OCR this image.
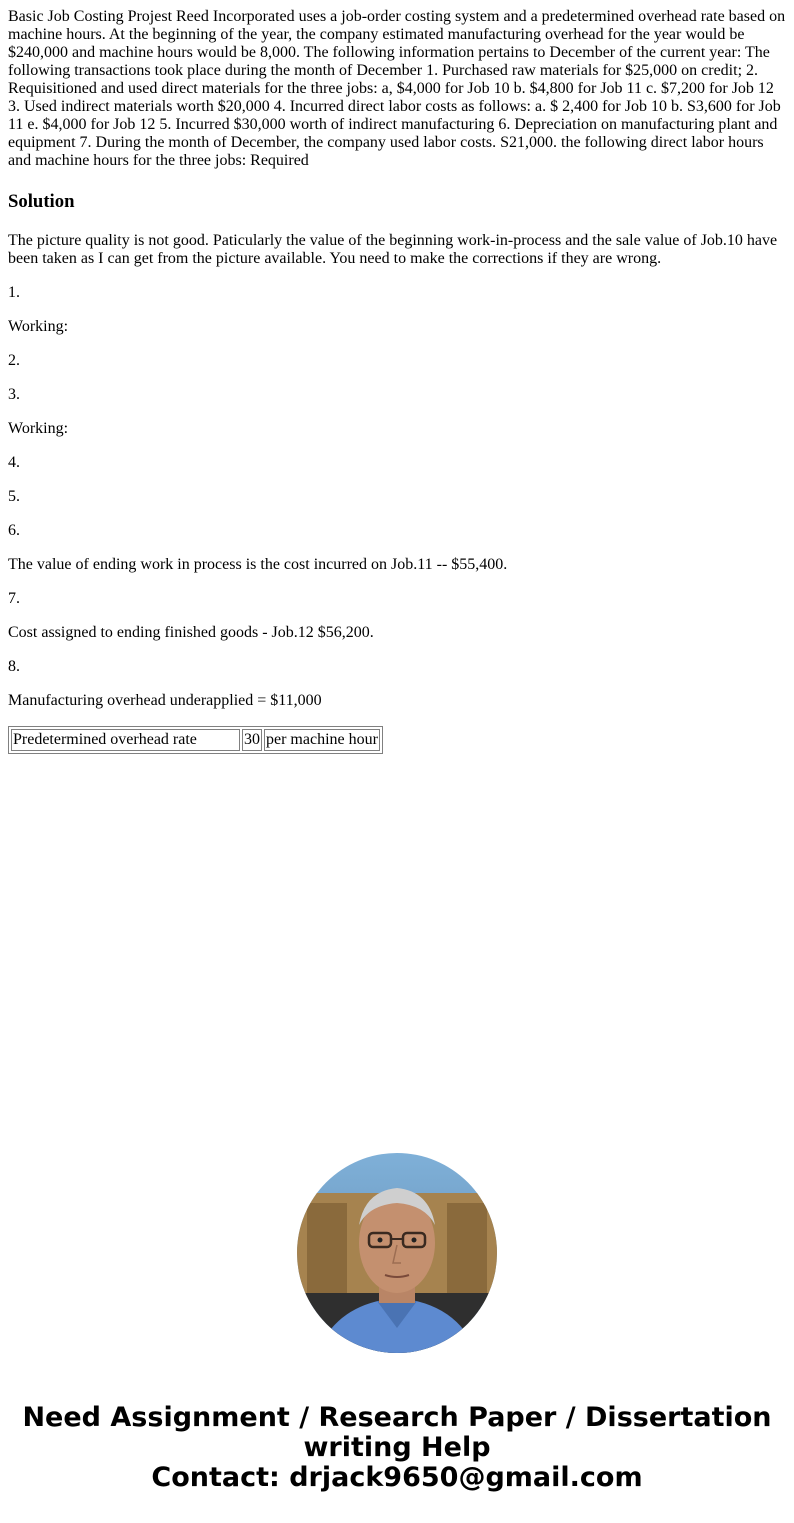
Basic Job Costing Projest Reed Incorporated uses a job-order costing system and a predetermined overhead rate based on machine hours. At the beginning of the year, the company estimated manufacturing overhead for the year would be $240,000 and machine hours would be 8,000. The following information pertains to December of the current year: The following transactions took place during the month of December 1. Purchased raw materials for $25,000 on credit; 2. Requisitioned and used direct materials for the three jobs: a, $4,000 for Job 10 b. $4,800 for Job 11 c. $7,200 for Job 12 3. Used indirect materials worth $20,000 4. Incurred direct labor costs as follows: a. $ 2,400 for Job 10 b. S3,600 for Job 11 e. $4,000 for Job 12 5. Incurred $30,000 worth of indirect manufacturing 6. Depreciation on manufacturing plant and equipment 7. During the month of December, the company used labor costs. S21,000. the following direct labor hours and machine hours for the three jobs: Required

Solution

The picture quality is not good. Paticularly the value of the beginning work-in-process and the sale value of Job.10 have been taken as I can get from the picture available. You need to make the corrections if they are wrong.

1.

Working:

2.

3.

Working:

4.

5.

6.

The value of ending work in process is the cost incurred on Job.11 -- $55,400.

7.

Cost assigned to ending finished goods - Job.12 $56,200.

8.

Manufacturing overhead underapplied = $11,000

Predetermined overhead rate	30	per machine hour
Need Assignment / Research Paper / Dissertation
writing Help
Contact: drjack9650@gmail.com
